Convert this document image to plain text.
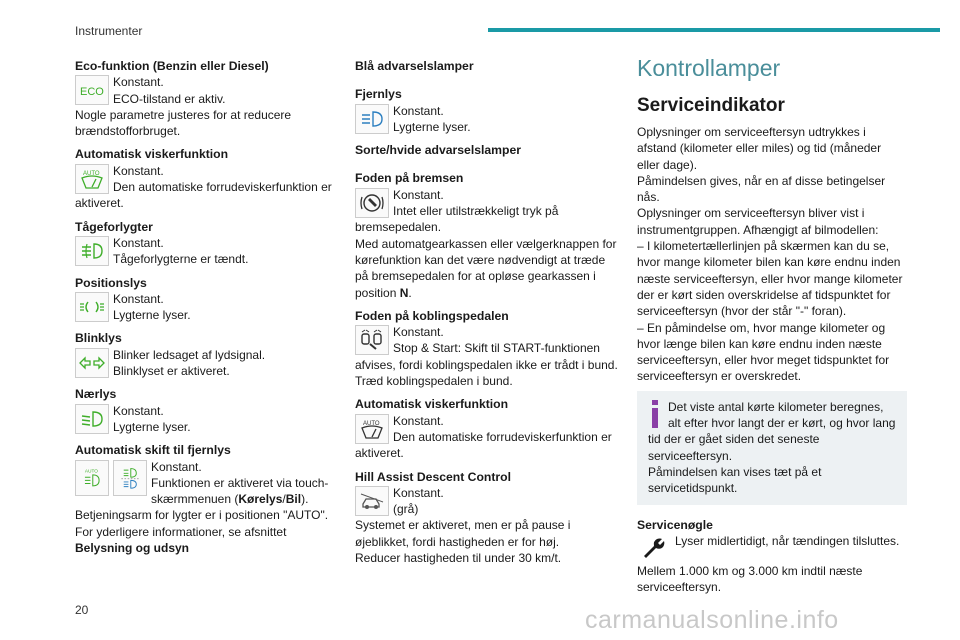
Instrumenter

Eco-funktion (Benzin eller Diesel)

ECO
Konstant.
ECO-tilstand er aktiv.
Nogle parametre justeres for at reducere brændstofforbruget.

Automatisk viskerfunktion

AUTO	Konstant.
Den automatiske forrudeviskerfunktion er aktiveret.

Tågeforlygter

Konstant.
Tågeforlygterne er tændt.

Positionslys

Konstant.
Lygterne lyser.

Blinklys

Blinker ledsaget af lydsignal.
Blinklyset er aktiveret.

Nærlys

Konstant.
Lygterne lyser.

Automatisk skift til fjernlys

AUTO	Konstant.
Funktionen er aktiveret via touch-skærmmenuen (Kørelys/Bil).
Betjeningsarm for lygter er i positionen "AUTO".
For yderligere informationer, se afsnittet
Belysning og udsyn

Blå advarselslamper

Fjernlys

Konstant.
Lygterne lyser.

Sorte/hvide advarselslamper

Foden på bremsen

Konstant.
Intet eller utilstrækkeligt tryk på bremsepedalen.
Med automatgearkassen eller vælgerknappen for kørefunktion kan det være nødvendigt at træde på bremsepedalen for at opløse gearkassen i position N.

Foden på koblingspedalen

Konstant.
Stop & Start: Skift til START-funktionen afvises, fordi koblingspedalen ikke er trådt i bund.
Træd koblingspedalen i bund.

Automatisk viskerfunktion

AUTO	Konstant.
Den automatiske forrudeviskerfunktion er aktiveret.

Hill Assist Descent Control

Konstant.
(grå)
Systemet er aktiveret, men er på pause i øjeblikket, fordi hastigheden er for høj.
Reducer hastigheden til under 30 km/t.

Kontrollamper

Serviceindikator

Oplysninger om serviceeftersyn udtrykkes i afstand (kilometer eller miles) og tid (måneder eller dage).
Påmindelsen gives, når en af disse betingelser nås.
Oplysninger om serviceeftersyn bliver vist i instrumentgruppen. Afhængigt af bilmodellen:
– I kilometertællerlinjen på skærmen kan du se, hvor mange kilometer bilen kan køre endnu inden næste serviceeftersyn, eller hvor mange kilometer der er kørt siden overskridelse af tidspunktet for serviceeftersyn (hvor der står "-" foran).
– En påmindelse om, hvor mange kilometer og hvor længe bilen kan køre endnu inden næste serviceeftersyn, eller hvor meget tidspunktet for serviceeftersyn er overskredet.
Det viste antal kørte kilometer beregnes, alt efter hvor langt der er kørt, og hvor lang tid der er gået siden det seneste serviceeftersyn.
Påmindelsen kan vises tæt på et servicetidspunkt.

Servicenøgle

Lyser midlertidigt, når tændingen tilsluttes.
Mellem 1.000 km og 3.000 km indtil næste serviceeftersyn.
20	carmanualsonline.info
